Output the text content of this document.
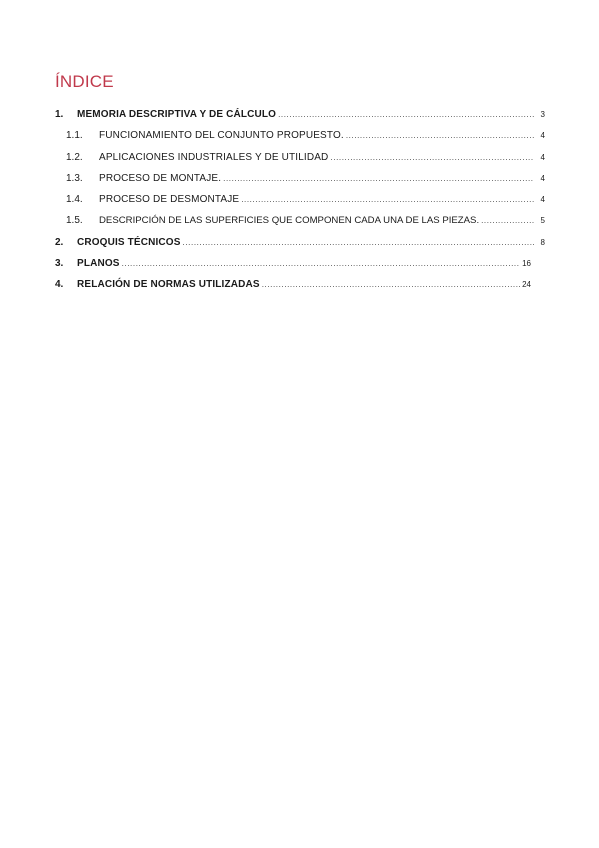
ÍNDICE
1.	MEMORIA DESCRIPTIVA Y DE CÁLCULO .....	3
1.1.	FUNCIONAMIENTO DEL CONJUNTO PROPUESTO. .....	4
1.2.	APLICACIONES INDUSTRIALES Y DE UTILIDAD .....	4
1.3.	PROCESO DE MONTAJE. .....	4
1.4.	PROCESO DE DESMONTAJE .....	4
1.5.	DESCRIPCIÓN DE LAS SUPERFICIES QUE COMPONEN CADA UNA DE LAS PIEZAS. .....	5
2.	CROQUIS TÉCNICOS .....	8
3.	PLANOS .....	16
4.	RELACIÓN DE NORMAS UTILIZADAS .....	24
